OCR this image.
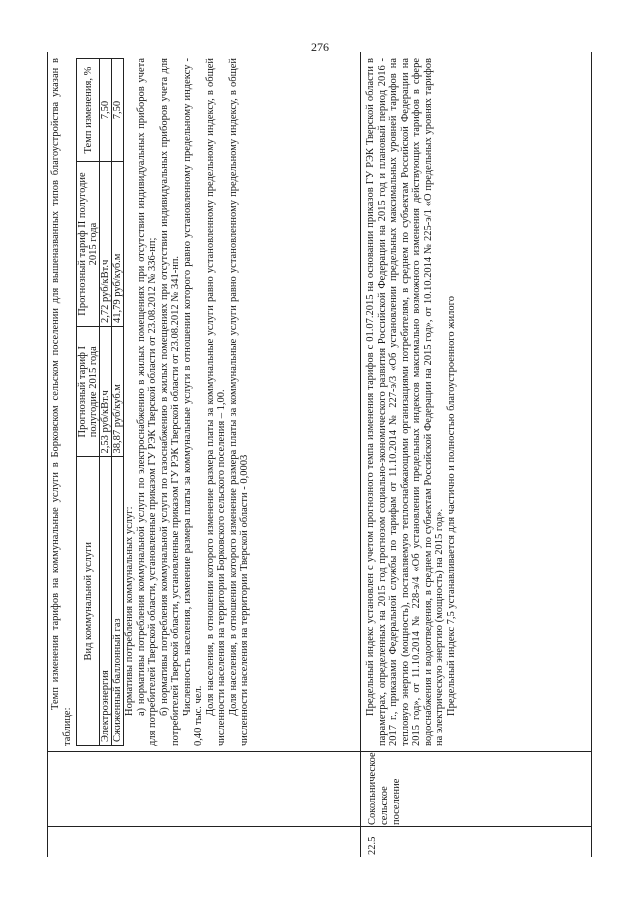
276
Темп изменения тарифов на коммунальные услуги в Борковском сельском поселении для вышеназванных типов благоустройства указан в таблице:
Вид коммунальной услуги	Прогнозный тариф I полугодие 2015 года	Прогнозный тариф II полугодие 2015 года	Темп изменения, %
Электроэнергия	2,53 руб/кВт.ч	2,72 руб/кВт.ч	7,50
Сжиженный баллонный газ	38,87 руб/куб.м	41,79 руб/куб.м	7,50

Нормативы потребления коммунальных услуг: а) нормативы потребления коммунальной услуги по электроснабжению в жилых помещениях при отсутствии индивидуальных приборов учета для потребителей Тверской области, установленные приказом ГУ РЭК Тверской области от 23.08.2012 № 336-нп; б) нормативы потребления коммунальной услуги по газоснабжению в жилых помещениях при отсутствии индивидуальных приборов учета для потребителей Тверской области, установленные приказом ГУ РЭК Тверской области от 23.08.2012 № 341-нп. Численность населения, изменение размера платы за коммунальные услуги в отношении которого равно установленному предельному индексу - 0,40 тыс. чел. Доля населения, в отношении которого изменение размера платы за коммунальные услуги равно установленному предельному индексу, в общей численности населения на территории Борковского сельского поселения – 1,00. Доля населения, в отношении которого изменение размера платы за коммунальные услуги равно установленному предельному индексу, в общей численности населения на территории Тверской области - 0,0003

22.5
Сокольническое сельское поселение

Предельный индекс установлен с учетом прогнозного темпа изменения тарифов с 01.07.2015 на основании приказов ГУ РЭК Тверской области в параметрах, определенных на 2015 год прогнозом социально-экономического развития Российской Федерации на 2015 год и плановый период 2016 - 2017 г., приказами Федеральной службы по тарифам от 11.10.2014 № 227-э/3 «Об установлении предельных максимальных уровней тарифов на тепловую энергию (мощность), поставляемую теплоснабжающими организациями потребителям, в среднем по субъектам Российской Федерации на 2015 год», от 11.10.2014 № 228-э/4 «Об установлении предельных индексов максимально возможного изменения действующих тарифов в сфере водоснабжения и водоотведения, в среднем по субъектам Российской Федерации на 2015 год», от 10.10.2014 № 225-э/1 «О предельных уровнях тарифов на электрическую энергию (мощность) на 2015 год». Предельный индекс 7,5 устанавливается для частично и полностью благоустроенного жилого
